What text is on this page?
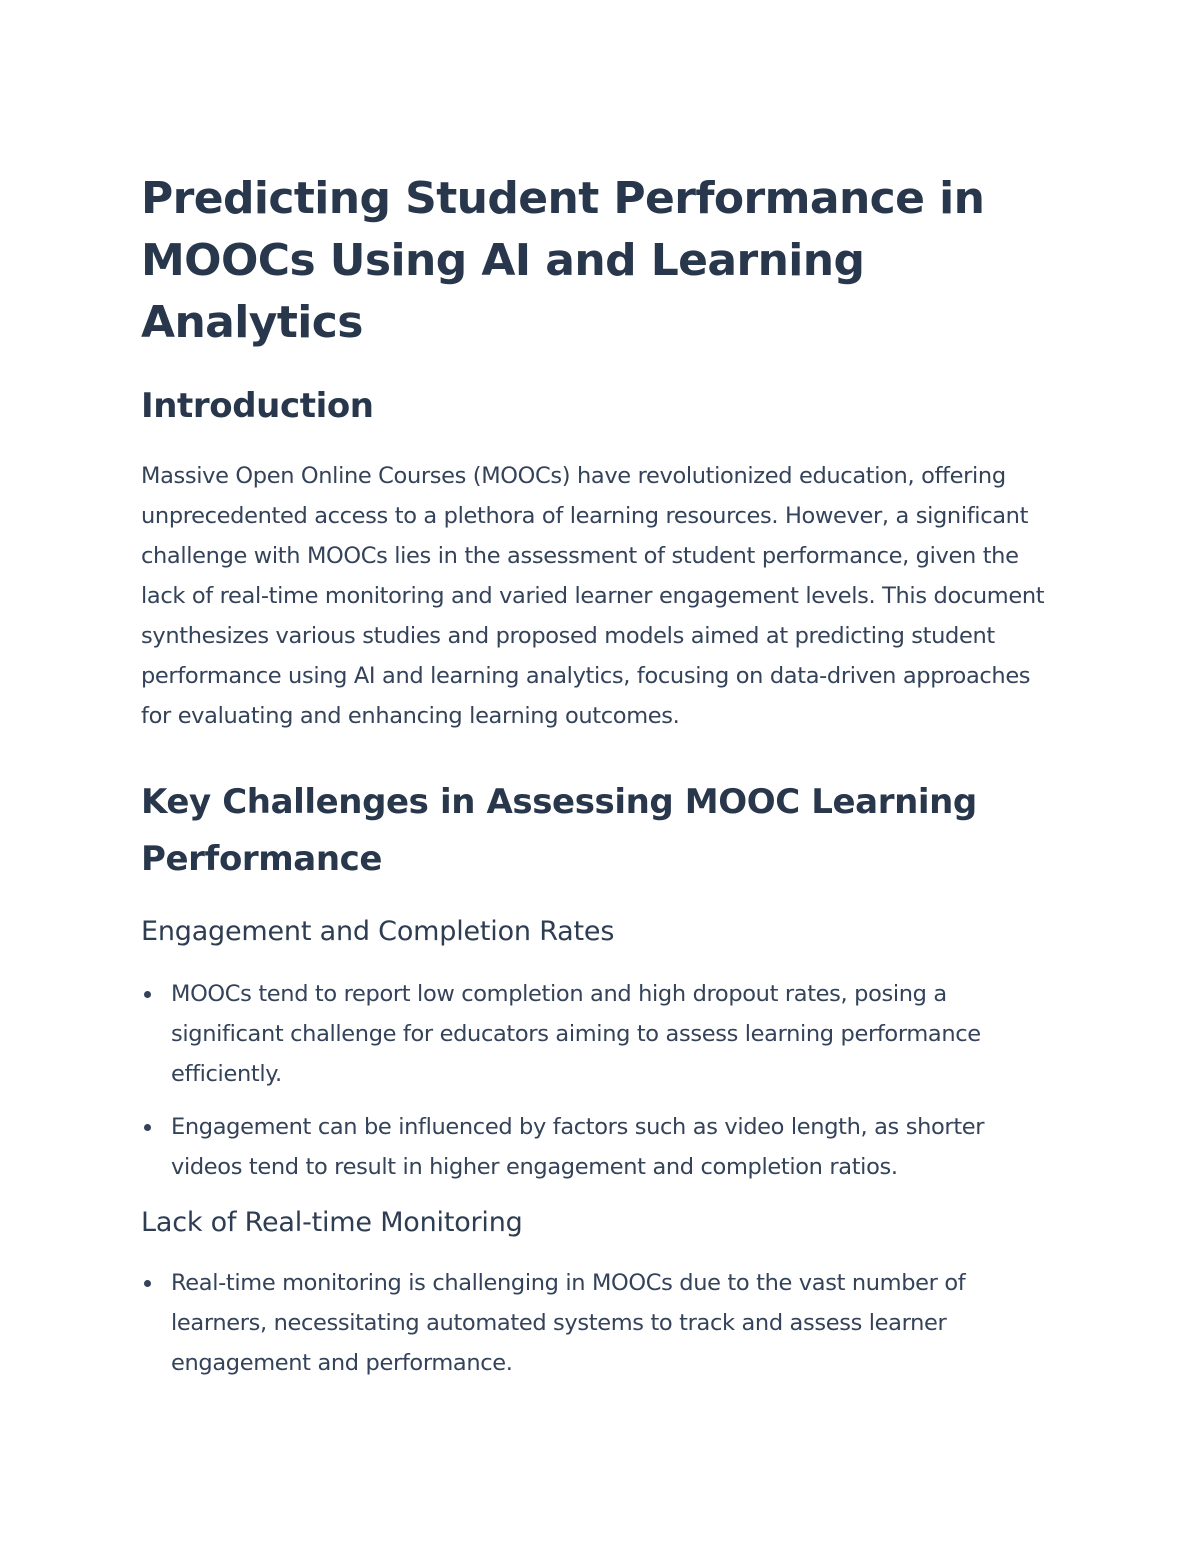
Predicting Student Performance in MOOCs Using AI and Learning Analytics
Introduction

Massive Open Online Courses (MOOCs) have revolutionized education, offering unprecedented access to a plethora of learning resources. However, a significant challenge with MOOCs lies in the assessment of student performance, given the lack of real-time monitoring and varied learner engagement levels. This document synthesizes various studies and proposed models aimed at predicting student performance using AI and learning analytics, focusing on data-driven approaches for evaluating and enhancing learning outcomes.

Key Challenges in Assessing MOOC Learning Performance
Engagement and Completion Rates
MOOCs tend to report low completion and high dropout rates, posing a significant challenge for educators aiming to assess learning performance efficiently.
Engagement can be influenced by factors such as video length, as shorter videos tend to result in higher engagement and completion ratios.
Lack of Real-time Monitoring
Real-time monitoring is challenging in MOOCs due to the vast number of learners, necessitating automated systems to track and assess learner engagement and performance.
